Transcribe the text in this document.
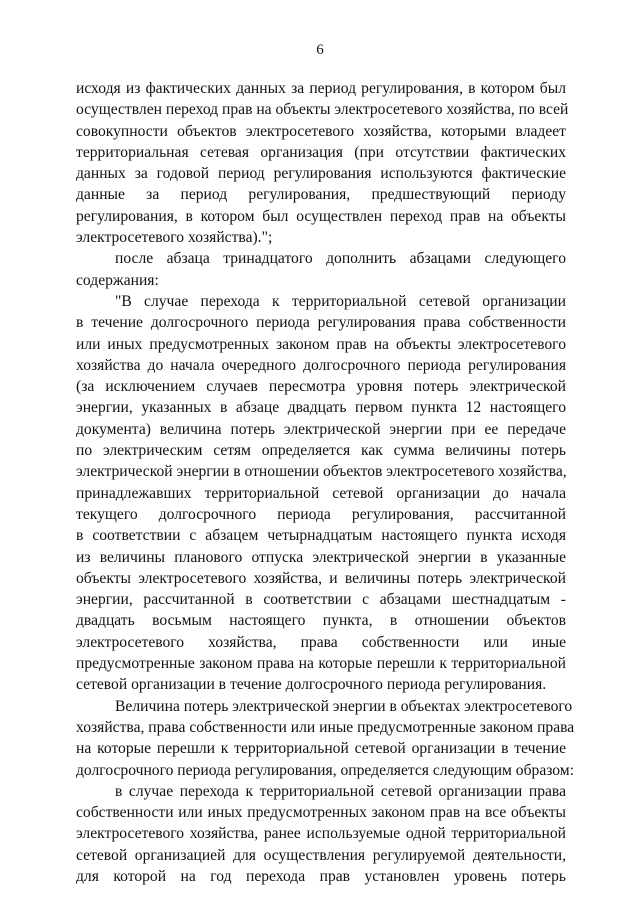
6
исходя из фактических данных за период регулирования, в котором был
осуществлен переход прав на объекты электросетевого хозяйства, по всей
совокупности объектов электросетевого хозяйства, которыми владеет
территориальная сетевая организация (при отсутствии фактических
данных за годовой период регулирования используются фактические
данные за период регулирования, предшествующий периоду
регулирования, в котором был осуществлен переход прав на объекты
электросетевого хозяйства).";
после абзаца тринадцатого дополнить абзацами следующего
содержания:
"В случае перехода к территориальной сетевой организации
в течение долгосрочного периода регулирования права собственности
или иных предусмотренных законом прав на объекты электросетевого
хозяйства до начала очередного долгосрочного периода регулирования
(за исключением случаев пересмотра уровня потерь электрической
энергии, указанных в абзаце двадцать первом пункта 12 настоящего
документа) величина потерь электрической энергии при ее передаче
по электрическим сетям определяется как сумма величины потерь
электрической энергии в отношении объектов электросетевого хозяйства,
принадлежавших территориальной сетевой организации до начала
текущего долгосрочного периода регулирования, рассчитанной
в соответствии с абзацем четырнадцатым настоящего пункта исходя
из величины планового отпуска электрической энергии в указанные
объекты электросетевого хозяйства, и величины потерь электрической
энергии, рассчитанной в соответствии с абзацами шестнадцатым -
двадцать восьмым настоящего пункта, в отношении объектов
электросетевого хозяйства, права собственности или иные
предусмотренные законом права на которые перешли к территориальной
сетевой организации в течение долгосрочного периода регулирования.
Величина потерь электрической энергии в объектах электросетевого
хозяйства, права собственности или иные предусмотренные законом права
на которые перешли к территориальной сетевой организации в течение
долгосрочного периода регулирования, определяется следующим образом:
в случае перехода к территориальной сетевой организации права
собственности или иных предусмотренных законом прав на все объекты
электросетевого хозяйства, ранее используемые одной территориальной
сетевой организацией для осуществления регулируемой деятельности,
для которой на год перехода прав установлен уровень потерь
